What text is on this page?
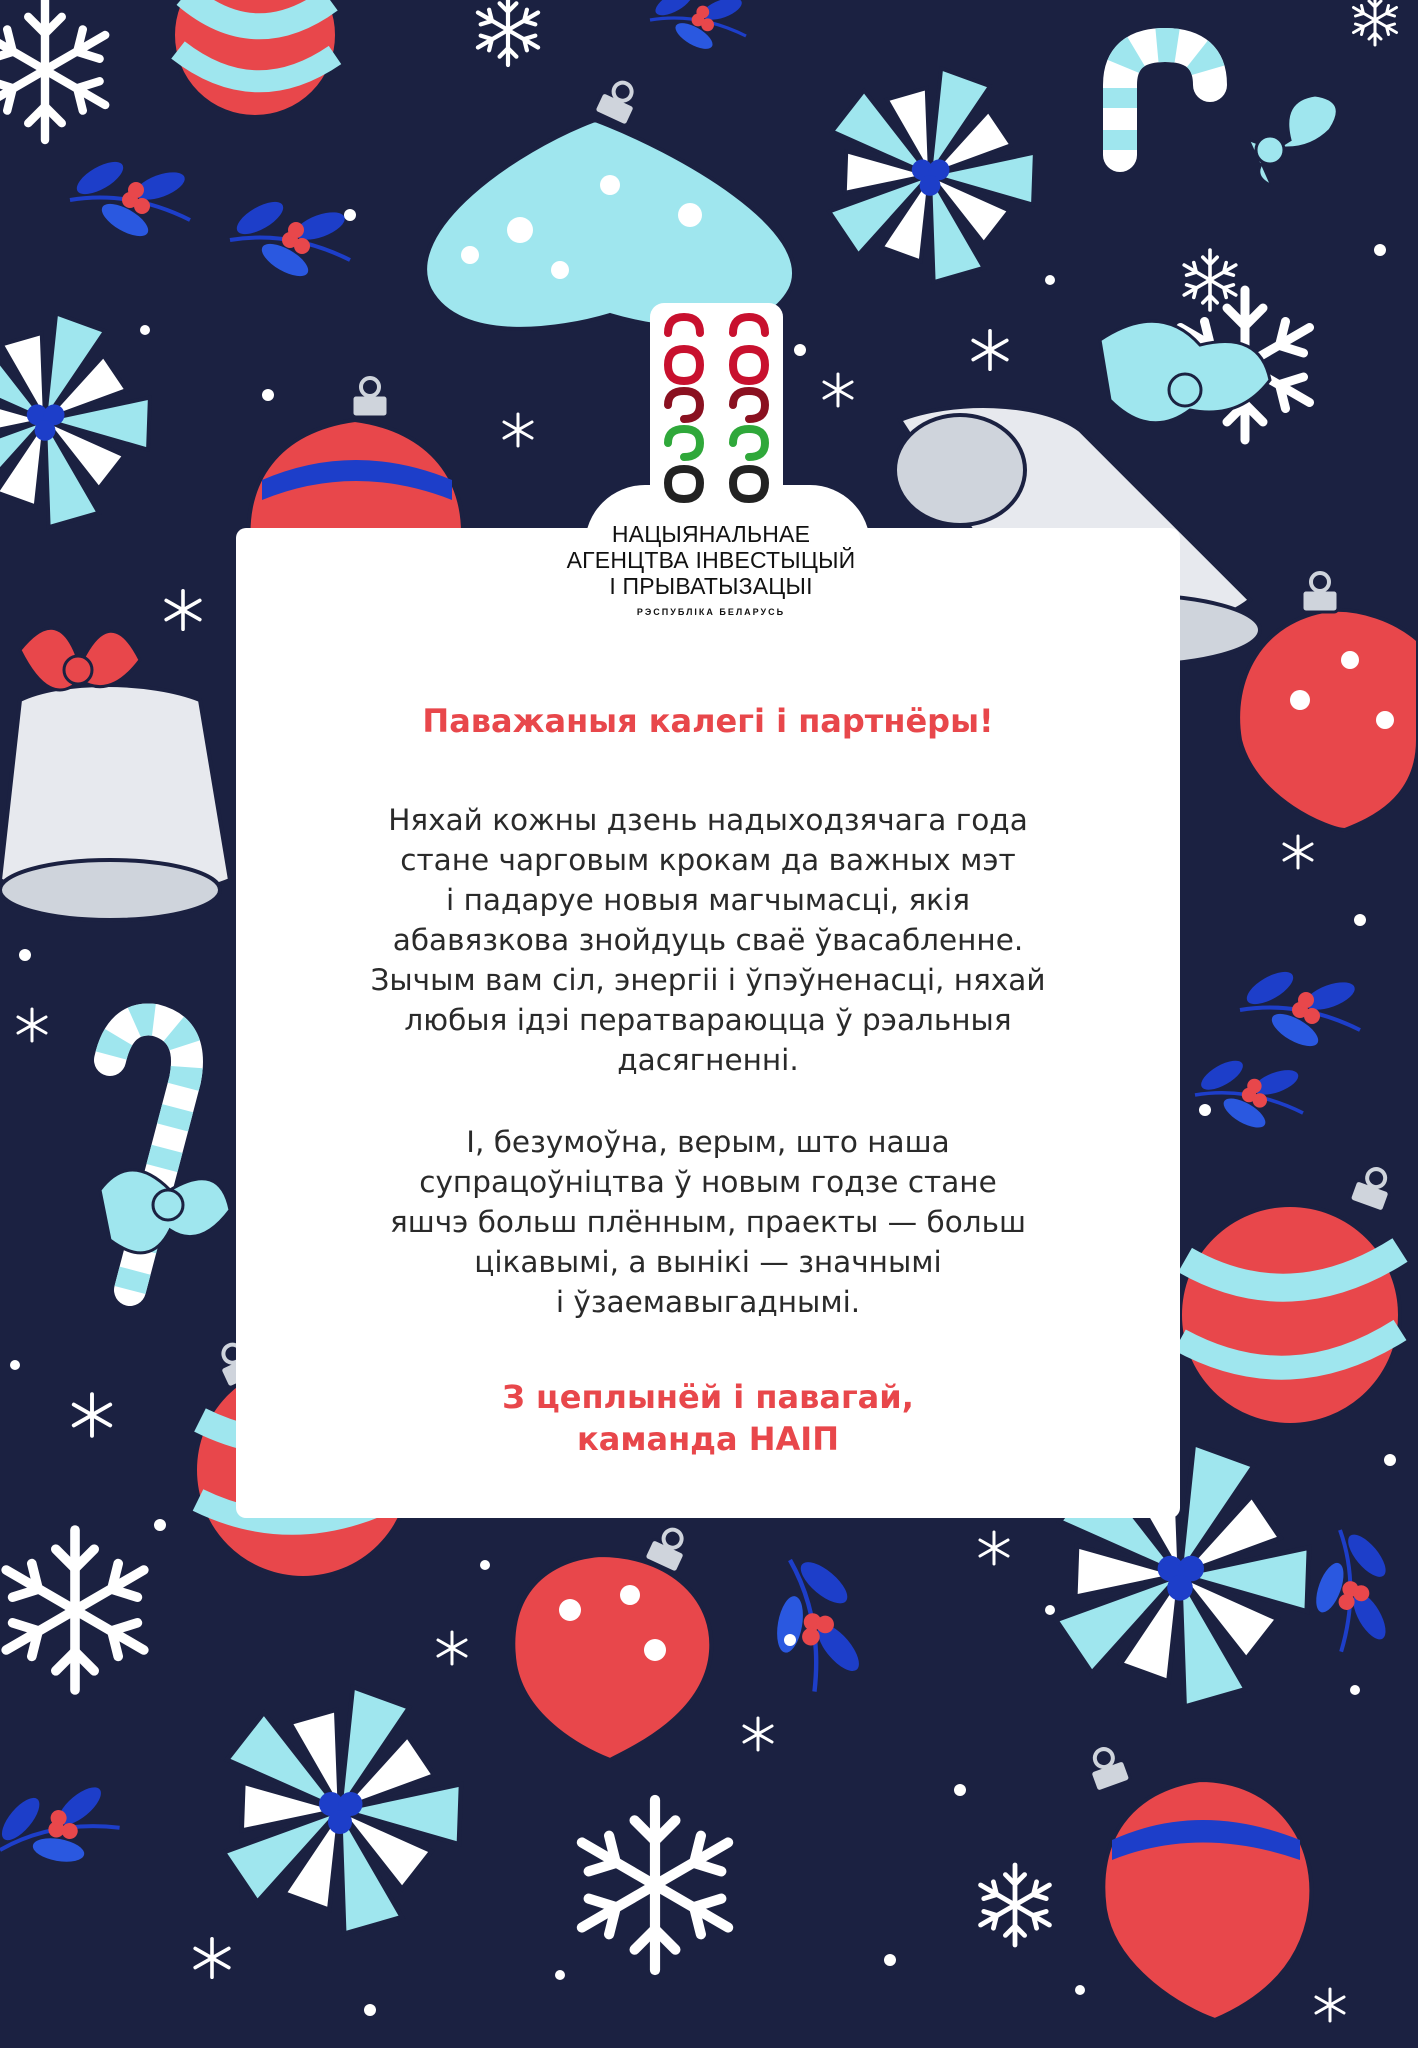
НАЦЫЯНАЛЬНАЕ
АГЕНЦТВА ІНВЕСТЫЦЫЙ
І ПРЫВАТЫЗАЦЫІ
РЭСПУБЛІКА БЕЛАРУСЬ
Паважаныя калегі і партнёры!
Няхай кожны дзень надыходзячага года
стане чарговым крокам да важных мэт
і падаруе новыя магчымасці, якія
абавязкова знойдуць сваё ўвасабленне.
Зычым вам сіл, энергіі і ўпэўненасці, няхай
любыя ідэі ператвараюцца ў рэальныя
дасягненні.
І, безумоўна, верым, што наша
супрацоўніцтва ў новым годзе стане
яшчэ больш плённым, праекты — больш
цікавымі, а вынікі — значнымі
і ўзаемавыгаднымі.
З цеплынёй і павагай,
каманда НАІП
